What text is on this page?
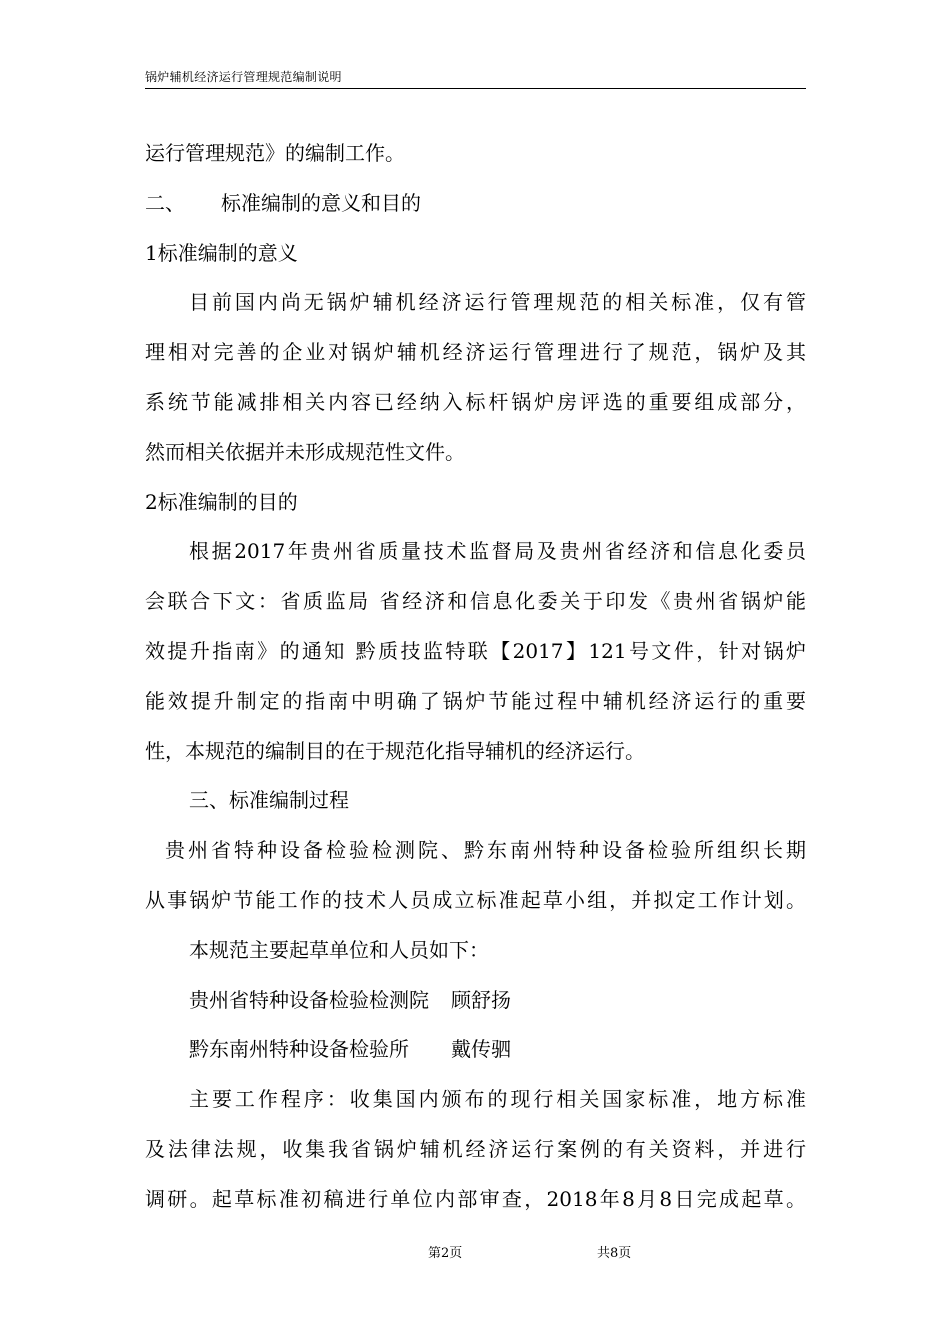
锅炉辅机经济运行管理规范编制说明
运行管理规范》的编制工作。
二、 标准编制的意义和目的
1标准编制的意义
目前国内尚无锅炉辅机经济运行管理规范的相关标准，仅有管
理相对完善的企业对锅炉辅机经济运行管理进行了规范，锅炉及其
系统节能减排相关内容已经纳入标杆锅炉房评选的重要组成部分，
然而相关依据并未形成规范性文件。
2标准编制的目的
根据2017年贵州省质量技术监督局及贵州省经济和信息化委员
会联合下文：省质监局 省经济和信息化委关于印发《贵州省锅炉能
效提升指南》的通知 黔质技监特联【2017】121号文件，针对锅炉
能效提升制定的指南中明确了锅炉节能过程中辅机经济运行的重要
性，本规范的编制目的在于规范化指导辅机的经济运行。
三、标准编制过程
贵州省特种设备检验检测院、黔东南州特种设备检验所组织长期
从事锅炉节能工作的技术人员成立标准起草小组，并拟定工作计划。
本规范主要起草单位和人员如下：
贵州省特种设备检验检测院 顾舒扬
黔东南州特种设备检验所 戴传驷
主要工作程序：收集国内颁布的现行相关国家标准，地方标准
及法律法规，收集我省锅炉辅机经济运行案例的有关资料，并进行
调研。起草标准初稿进行单位内部审查，2018年8月8日完成起草。
第2页	共8页
